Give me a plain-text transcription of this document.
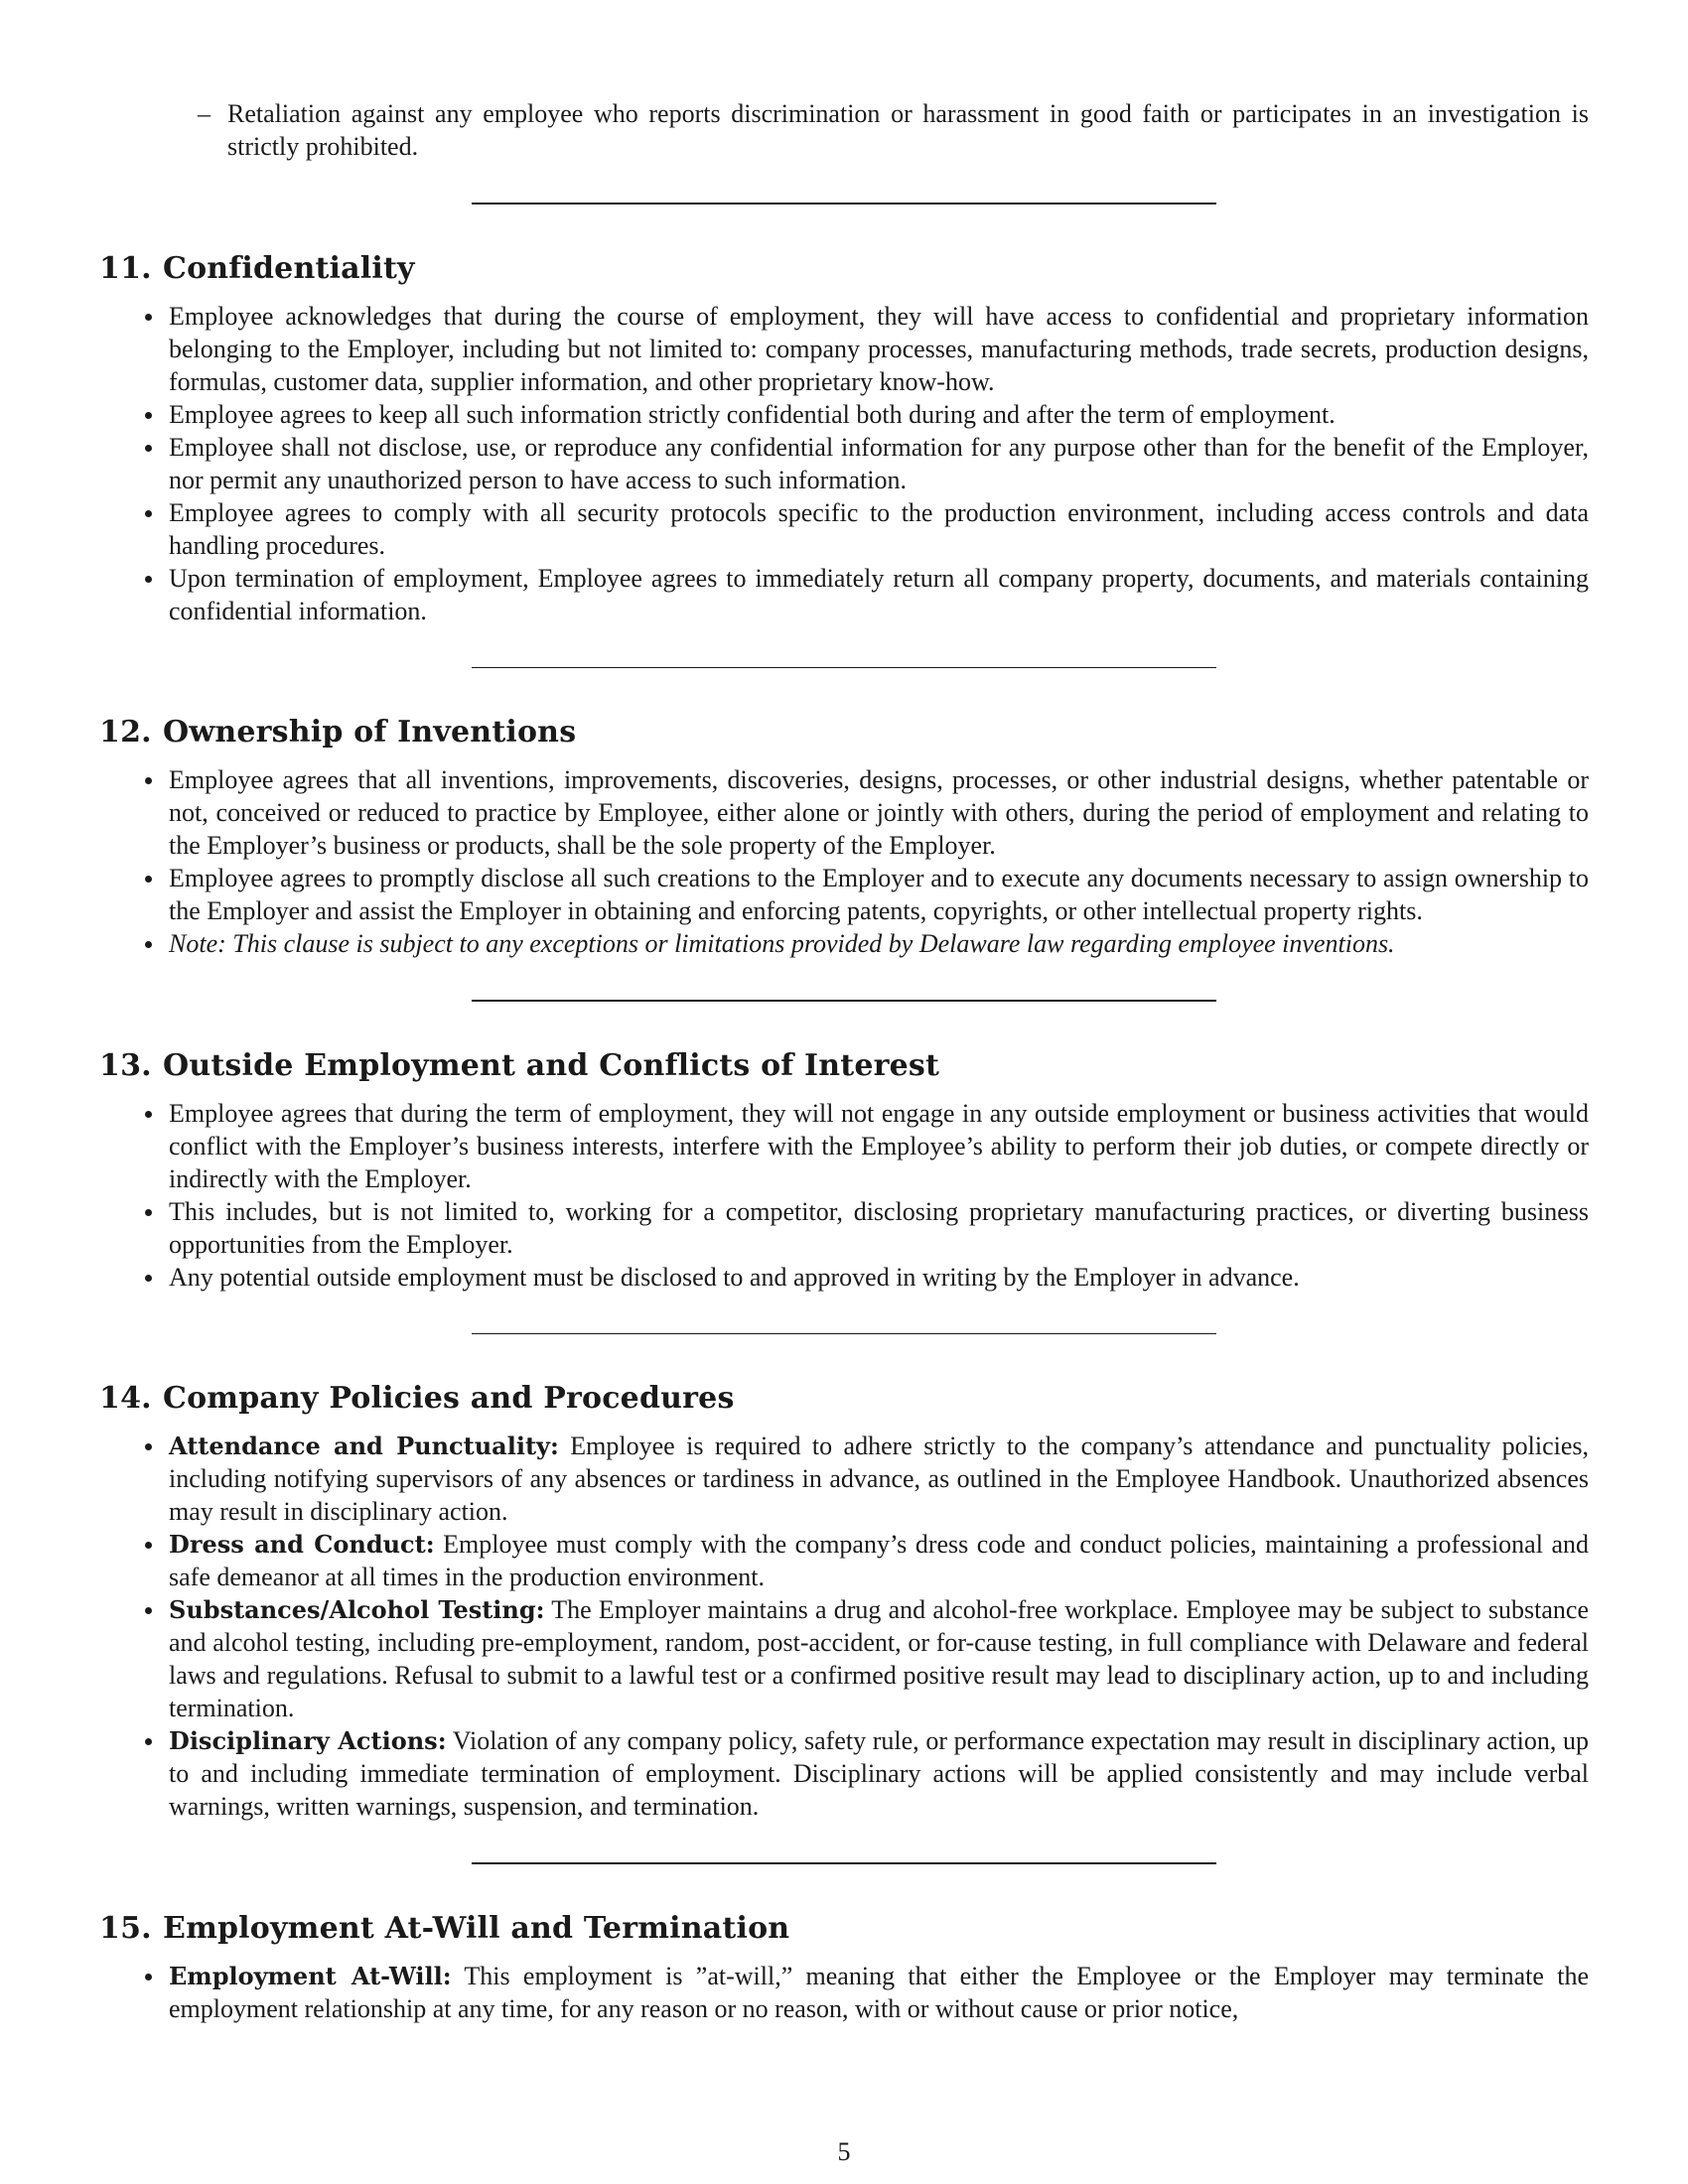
– Retaliation against any employee who reports discrimination or harassment in good faith or participates in an investigation is strictly prohibited.
11. Confidentiality
Employee acknowledges that during the course of employment, they will have access to confidential and proprietary information belonging to the Employer, including but not limited to: company processes, manufacturing methods, trade secrets, production designs, formulas, customer data, supplier information, and other proprietary know-how.
Employee agrees to keep all such information strictly confidential both during and after the term of employment.
Employee shall not disclose, use, or reproduce any confidential information for any purpose other than for the benefit of the Employer, nor permit any unauthorized person to have access to such information.
Employee agrees to comply with all security protocols specific to the production environment, including access controls and data handling procedures.
Upon termination of employment, Employee agrees to immediately return all company property, documents, and materials containing confidential information.
12. Ownership of Inventions
Employee agrees that all inventions, improvements, discoveries, designs, processes, or other industrial designs, whether patentable or not, conceived or reduced to practice by Employee, either alone or jointly with others, during the period of employment and relating to the Employer’s business or products, shall be the sole property of the Employer.
Employee agrees to promptly disclose all such creations to the Employer and to execute any documents necessary to assign ownership to the Employer and assist the Employer in obtaining and enforcing patents, copyrights, or other intellectual property rights.
Note: This clause is subject to any exceptions or limitations provided by Delaware law regarding employee inventions.
13. Outside Employment and Conflicts of Interest
Employee agrees that during the term of employment, they will not engage in any outside employment or business activities that would conflict with the Employer’s business interests, interfere with the Employee’s ability to perform their job duties, or compete directly or indirectly with the Employer.
This includes, but is not limited to, working for a competitor, disclosing proprietary manufacturing practices, or diverting business opportunities from the Employer.
Any potential outside employment must be disclosed to and approved in writing by the Employer in advance.
14. Company Policies and Procedures
Attendance and Punctuality: Employee is required to adhere strictly to the company’s attendance and punctuality policies, including notifying supervisors of any absences or tardiness in advance, as outlined in the Employee Handbook. Unauthorized absences may result in disciplinary action.
Dress and Conduct: Employee must comply with the company’s dress code and conduct policies, maintaining a professional and safe demeanor at all times in the production environment.
Substances/Alcohol Testing: The Employer maintains a drug and alcohol-free workplace. Employee may be subject to substance and alcohol testing, including pre-employment, random, post-accident, or for-cause testing, in full compliance with Delaware and federal laws and regulations. Refusal to submit to a lawful test or a confirmed positive result may lead to disciplinary action, up to and including termination.
Disciplinary Actions: Violation of any company policy, safety rule, or performance expectation may result in disciplinary action, up to and including immediate termination of employment. Disciplinary actions will be applied consistently and may include verbal warnings, written warnings, suspension, and termination.
15. Employment At-Will and Termination
Employment At-Will: This employment is ”at-will,” meaning that either the Employee or the Employer may terminate the employment relationship at any time, for any reason or no reason, with or without cause or prior notice,
5
